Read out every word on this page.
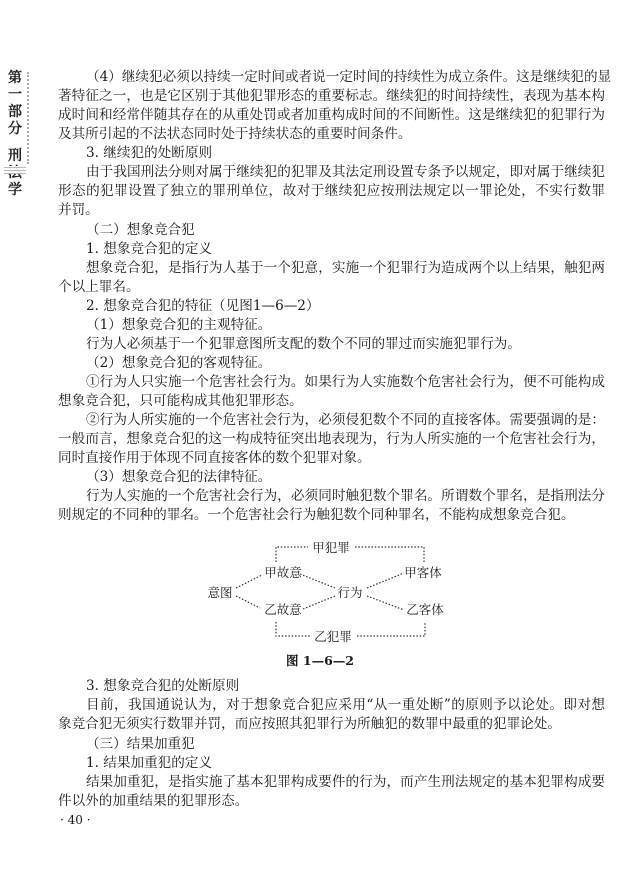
第
一
部
分
刑
学
（4）继续犯必须以持续一定时间或者说一定时间的持续性为成立条件。这是继续犯的显
著特征之一，也是它区别于其他犯罪形态的重要标志。继续犯的时间持续性，表现为基本构
成时间和经常伴随其存在的从重处罚或者加重构成时间的不间断性。这是继续犯的犯罪行为
及其所引起的不法状态同时处于持续状态的重要时间条件。
3. 继续犯的处断原则
由于我国刑法分则对属于继续犯的犯罪及其法定刑设置专条予以规定，即对属于继续犯
形态的犯罪设置了独立的罪刑单位，故对于继续犯应按刑法规定以一罪论处，不实行数罪
并罚。
（二）想象竞合犯
1. 想象竞合犯的定义
想象竞合犯，是指行为人基于一个犯意，实施一个犯罪行为造成两个以上结果，触犯两
个以上罪名。
2. 想象竞合犯的特征（见图1—6—2）
（1）想象竞合犯的主观特征。
行为人必须基于一个犯罪意图所支配的数个不同的罪过而实施犯罪行为。
（2）想象竞合犯的客观特征。
①行为人只实施一个危害社会行为。如果行为人实施数个危害社会行为，便不可能构成
想象竞合犯，只可能构成其他犯罪形态。
②行为人所实施的一个危害社会行为，必须侵犯数个不同的直接客体。需要强调的是：
一般而言，想象竞合犯的这一构成特征突出地表现为，行为人所实施的一个危害社会行为，
同时直接作用于体现不同直接客体的数个犯罪对象。
（3）想象竞合犯的法律特征。
行为人实施的一个危害社会行为，必须同时触犯数个罪名。所谓数个罪名，是指刑法分
则规定的不同种的罪名。一个危害社会行为触犯数个同种罪名，不能构成想象竞合犯。
3. 想象竞合犯的处断原则
目前，我国通说认为，对于想象竞合犯应采用“从一重处断”的原则予以论处。即对想
象竞合犯无须实行数罪并罚，而应按照其犯罪行为所触犯的数罪中最重的犯罪论处。
（三）结果加重犯
1. 结果加重犯的定义
结果加重犯，是指实施了基本犯罪构成要件的行为，而产生刑法规定的基本犯罪构成要
件以外的加重结果的犯罪形态。
甲犯罪
甲故意	甲客体
意图	行为
乙故意	乙客体
乙犯罪
图 1—6—2
· 40 ·
